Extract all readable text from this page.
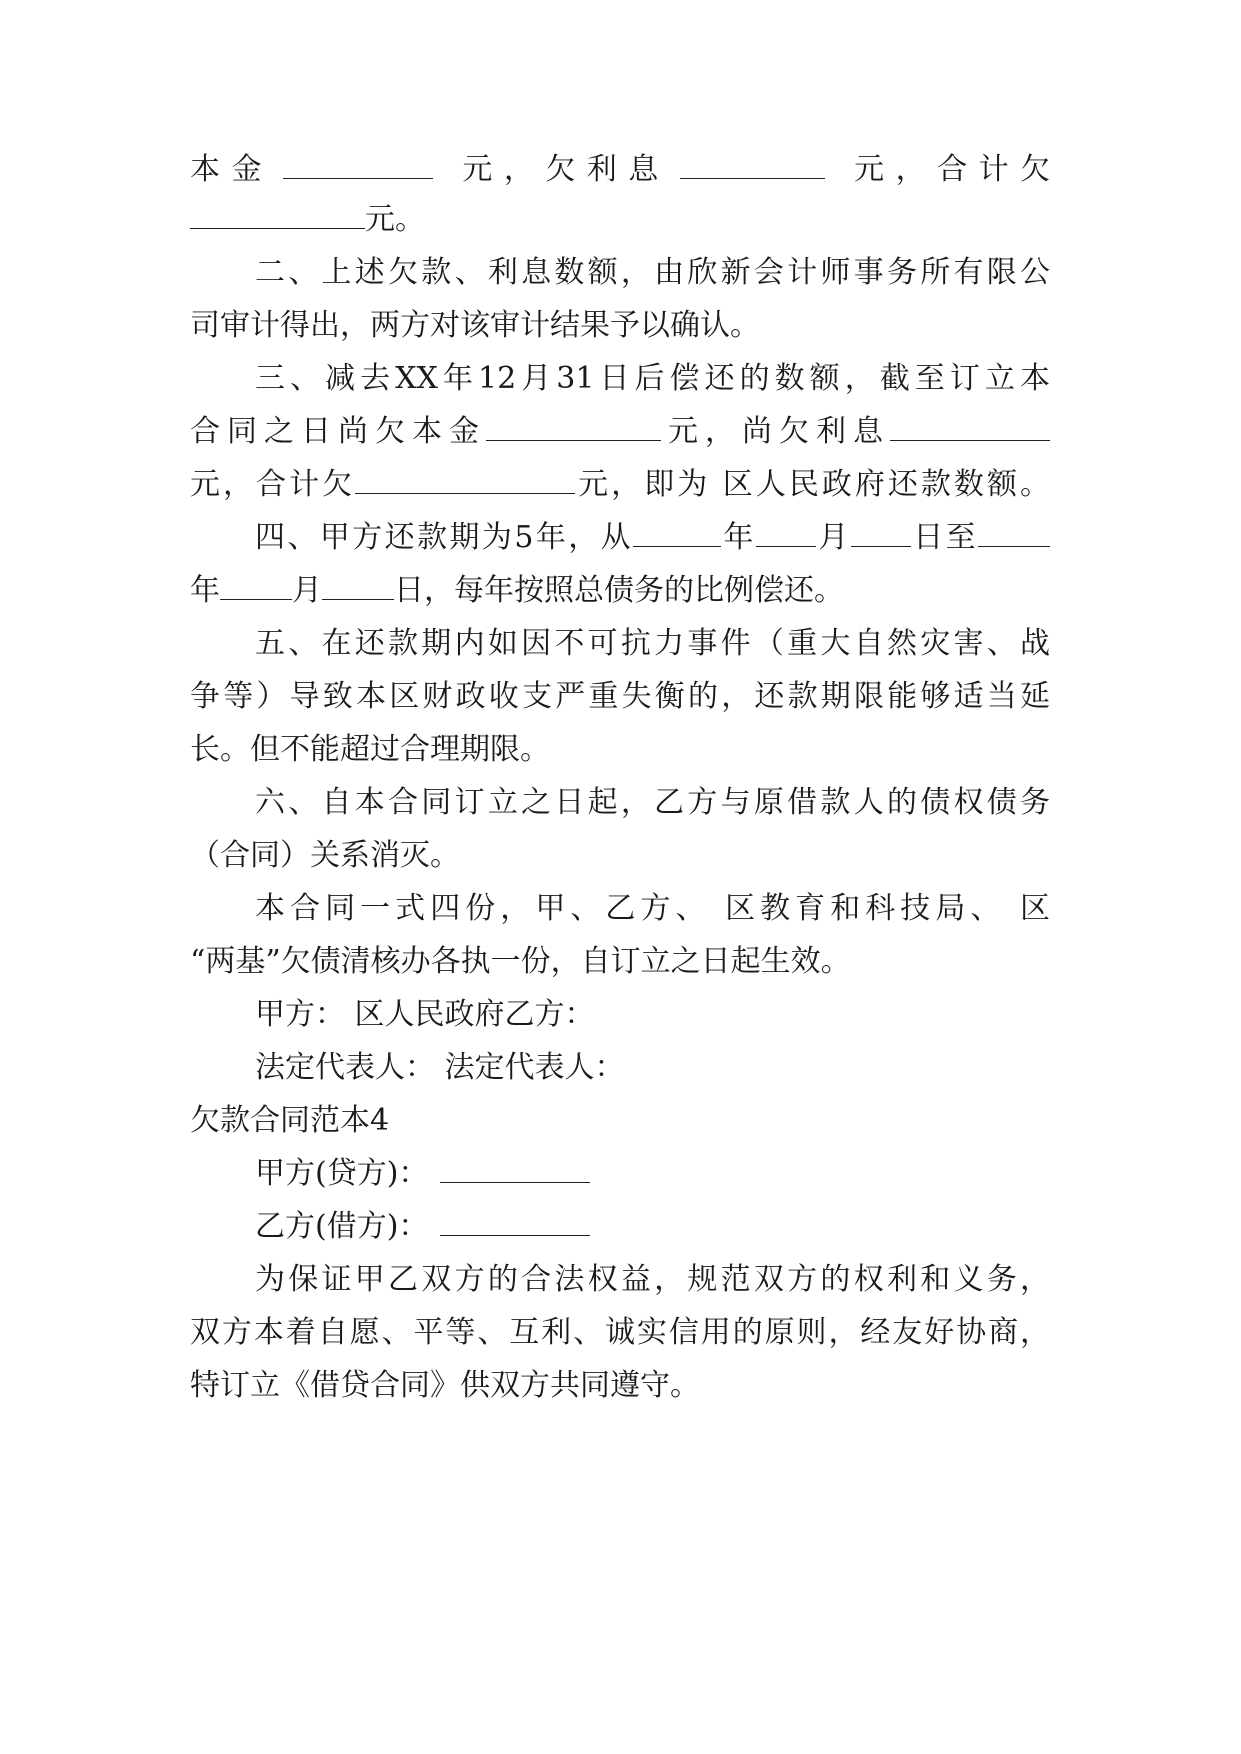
本金	元，欠利息	元，合计欠
元。
二、上述欠款、利息数额，由欣新会计师事务所有限公
司审计得出，两方对该审计结果予以确认。
三、减去XX年12月31日后偿还的数额，截至订立本
合同之日尚欠本金	元，尚欠利息
元，合计欠	元，即为 区人民政府还款数额。
四、甲方还款期为5年，从	年 月 日至
年 月 日，每年按照总债务的比例偿还。
五、在还款期内如因不可抗力事件（重大自然灾害、战
争等）导致本区财政收支严重失衡的，还款期限能够适当延
长。但不能超过合理期限。
六、自本合同订立之日起，乙方与原借款人的债权债务
（合同）关系消灭。
本合同一式四份，甲、乙方、 区教育和科技局、 区
“两基”欠债清核办各执一份，自订立之日起生效。
甲方： 区人民政府乙方：
法定代表人： 法定代表人：
欠款合同范本4
甲方(贷方)：
乙方(借方)：
为保证甲乙双方的合法权益，规范双方的权利和义务，
双方本着自愿、平等、互利、诚实信用的原则，经友好协商，
特订立《借贷合同》供双方共同遵守。
